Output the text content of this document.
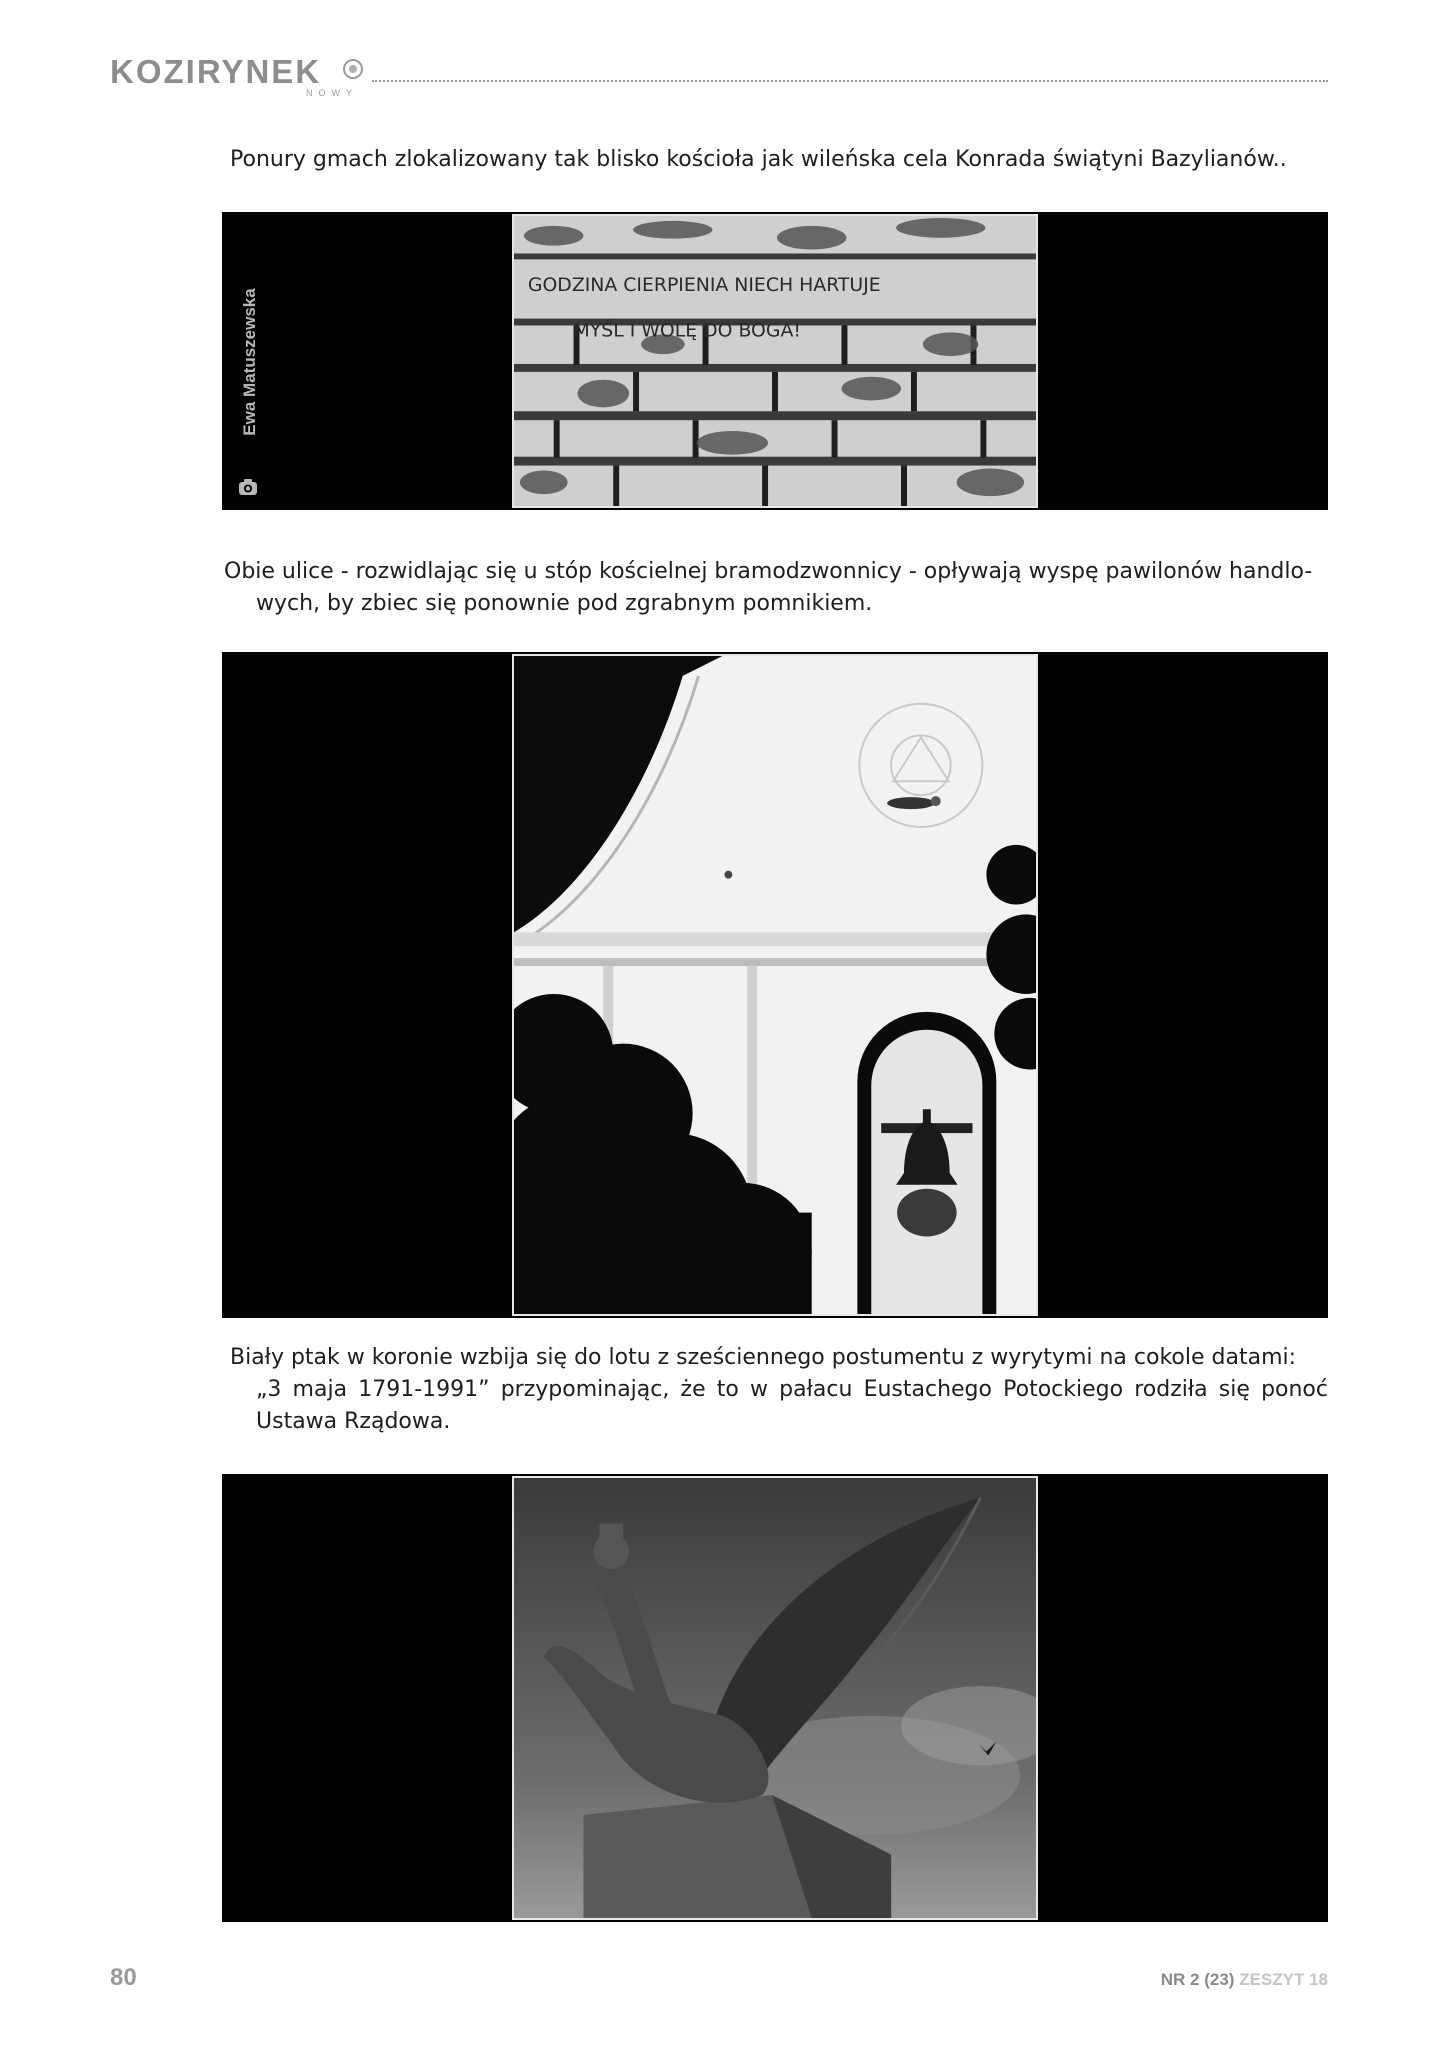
KOZIRYNEK
NOWY

Ponury gmach zlokalizowany tak blisko kościoła jak wileńska cela Konrada świątyni Bazylianów..

Ewa Matuszewska
GODZINA CIERPIENIA NIECH HARTUJE
MYŚL I WOLĘ DO BOGA!

Obie ulice - rozwidlając się u stóp kościelnej bramodzwonnicy - opływają wyspę pawilonów handlo-
wych, by zbiec się ponownie pod zgrabnym pomnikiem.

Biały ptak w koronie wzbija się do lotu z sześciennego postumentu z wyrytymi na cokole datami:
„3 maja 1791-1991” przypominając, że to w pałacu Eustachego Potockiego rodziła się ponoć Ustawa Rządowa.

80	NR 2 (23) ZESZYT 18
